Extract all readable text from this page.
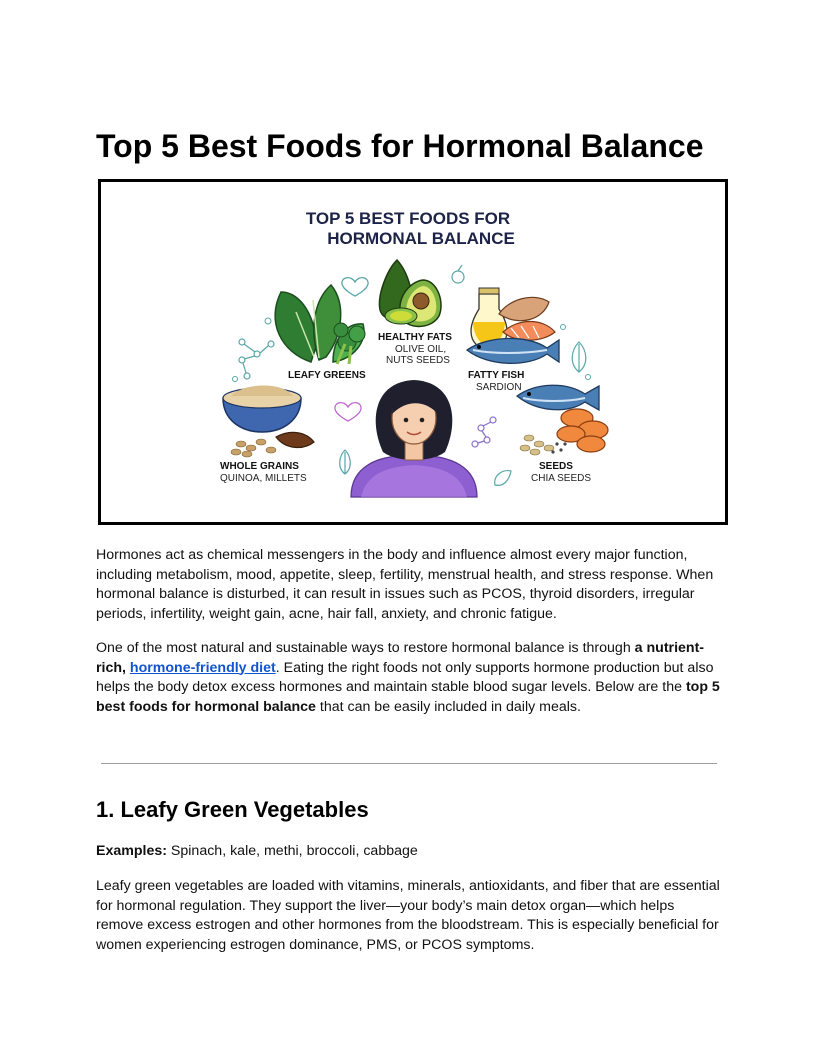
Top 5 Best Foods for Hormonal Balance
TOP 5 BEST FOODS FOR
HORMONAL BALANCE
LEAFY GREENS
HEALTHY FATS
OLIVE OIL,
NUTS SEEDS
FATTY FISH
SARDION
WHOLE GRAINS
QUINOA, MILLETS
SEEDS
CHIA SEEDS

Hormones act as chemical messengers in the body and influence almost every major function, including metabolism, mood, appetite, sleep, fertility, menstrual health, and stress response. When hormonal balance is disturbed, it can result in issues such as PCOS, thyroid disorders, irregular periods, infertility, weight gain, acne, hair fall, anxiety, and chronic fatigue.

One of the most natural and sustainable ways to restore hormonal balance is through a nutrient-rich, hormone-friendly diet. Eating the right foods not only supports hormone production but also helps the body detox excess hormones and maintain stable blood sugar levels. Below are the top 5 best foods for hormonal balance that can be easily included in daily meals.

1. Leafy Green Vegetables

Examples: Spinach, kale, methi, broccoli, cabbage

Leafy green vegetables are loaded with vitamins, minerals, antioxidants, and fiber that are essential for hormonal regulation. They support the liver—your body’s main detox organ—which helps remove excess estrogen and other hormones from the bloodstream. This is especially beneficial for women experiencing estrogen dominance, PMS, or PCOS symptoms.
